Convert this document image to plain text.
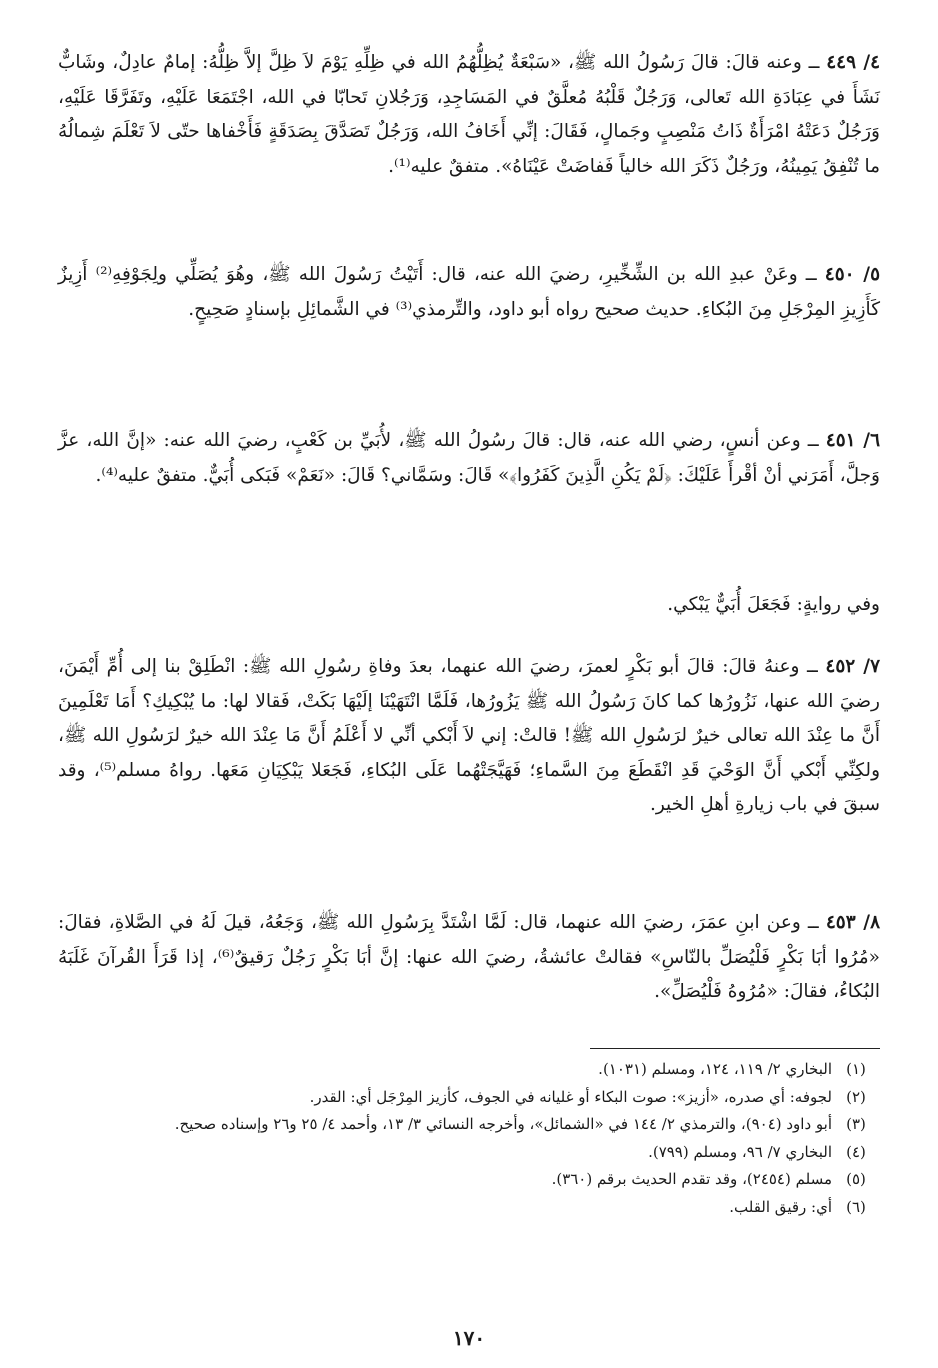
٤/ ٤٤٩ ــ وعنه قالَ: قالَ رَسُولُ الله ﷺ، «سَبْعَةٌ يُظِلُّهُمُ الله في ظِلِّهِ يَوْمَ لاَ ظِلَّ إلاَّ ظِلُّهُ: إمامٌ عادِلٌ، وشَابٌّ نَشَأَ في عِبَادَةِ الله تَعالى، وَرَجُلٌ قَلْبُهُ مُعلَّقٌ في المَسَاجِدِ، وَرَجُلانِ تَحابّا في الله، اجْتَمَعَا عَلَيْهِ، وتَفَرَّقَا عَلَيْهِ، وَرَجُلٌ دَعَتْهُ امْرَأَةٌ ذَاتُ مَنْصِبٍ وجَمالٍ، فَقَالَ: إنِّي أَخَافُ الله، وَرَجُلٌ تَصَدَّقَ بِصَدَقَةٍ فَأَخْفاها حتّى لاَ تَعْلَمَ شِمالُهُ ما تُنْفِقُ يَمِينُهُ، ورَجُلٌ ذَكَرَ الله خالياً فَفاضَتْ عَيْنَاهُ». متفقٌ عليه⁽¹⁾.

٥/ ٤٥٠ ــ وعَنْ عبدِ الله بن الشِّخِّيرِ، رضيَ الله عنه، قال: أَتَيْتُ رَسُولَ الله ﷺ، وهُوَ يُصَلِّي ولِجَوْفِهِ⁽²⁾ أَزِيزٌ كَأَزِيزِ المِرْجَلِ مِنَ البُكاءِ. حديث صحيح رواه أبو داود، والتِّرمذي⁽³⁾ في الشَّمائِلِ بإسنادٍ صَحِيحٍ.

٦/ ٤٥١ ــ وعن أنسٍ، رضي الله عنه، قال: قالَ رسُولُ الله ﷺ، لأُبَيِّ بن كَعْبٍ، رضيَ الله عنه: «إنَّ الله، عزَّ وَجلَّ، أَمَرَني أنْ أقْرأَ عَلَيْكَ: ﴿لَمْ يَكُنِ الَّذِينَ كَفَرُوا﴾» قَالَ: وسَمَّاني؟ قَالَ: «نَعَمْ» فَبَكى أُبَيٌّ. متفقٌ عليه⁽⁴⁾.

وفي روايةٍ: فَجَعَلَ أُبَيٌّ يَبْكي.

٧/ ٤٥٢ ــ وعنهُ قالَ: قالَ أبو بَكْرٍ لعمرَ، رضيَ الله عنهما، بعدَ وفاةِ رسُولِ الله ﷺ: انْطَلِقْ بنا إلى أُمِّ أَيْمَنَ، رضيَ الله عنها، نَزُورُها كما كانَ رَسُولُ الله ﷺ يَزُورُها، فَلَمَّا انْتَهَيْنَا إلَيْهَا بَكَتْ، فَقالا لها: ما يُبْكِيكِ؟ أَمَا تَعْلَمِينَ أَنَّ ما عِنْدَ الله تعالى خيرٌ لرَسُولِ الله ﷺ! قالتْ: إني لاَ أَبْكي أنِّي لا أَعْلَمُ أَنَّ مَا عِنْدَ الله خيرٌ لرَسُولِ الله ﷺ، ولكِنِّي أَبْكي أَنَّ الوَحْيَ قَدِ انْقَطَعَ مِنَ السَّماءِ؛ فَهَيَّجَتْهُما عَلَى البُكاءِ، فَجَعَلا يَبْكِيَانِ مَعَها. رواهُ مسلم⁽⁵⁾، وقد سبقَ في باب زيارةِ أهلِ الخير.

٨/ ٤٥٣ ــ وعن ابنِ عمَرَ، رضيَ الله عنهما، قال: لَمَّا اشْتَدَّ بِرَسُولِ الله ﷺ، وَجَعُهُ، قيلَ لَهُ في الصَّلاةِ، فقالَ: «مُرُوا أبَا بَكْرٍ فَلْيُصَلِّ بالنّاسِ» فقالتْ عائشةُ، رضيَ الله عنها: إنَّ أبَا بَكْرٍ رَجُلٌ رَقيقٌ⁽⁶⁾، إذا قَرَأَ القُرآنَ غَلَبَهُ البُكاءُ، فقالَ: «مُرُوهُ فَلْيُصَلِّ».

(١)
البخاري ٢/ ١١٩، ١٢٤، ومسلم (١٠٣١).
(٢)
لجوفه: أي صدره، «أزيز»: صوت البكاء أو غليانه في الجوف، كأزيز المِرْجَل أي: القدر.
(٣)
أبو داود (٩٠٤)، والترمذي ٢/ ١٤٤ في «الشمائل»، وأخرجه النسائي ٣/ ١٣، وأحمد ٤/ ٢٥ و٢٦ وإسناده صحيح.
(٤)
البخاري ٧/ ٩٦، ومسلم (٧٩٩).
(٥)
مسلم (٢٤٥٤)، وقد تقدم الحديث برقم (٣٦٠).
(٦)
أي: رقيق القلب.
١٧٠
